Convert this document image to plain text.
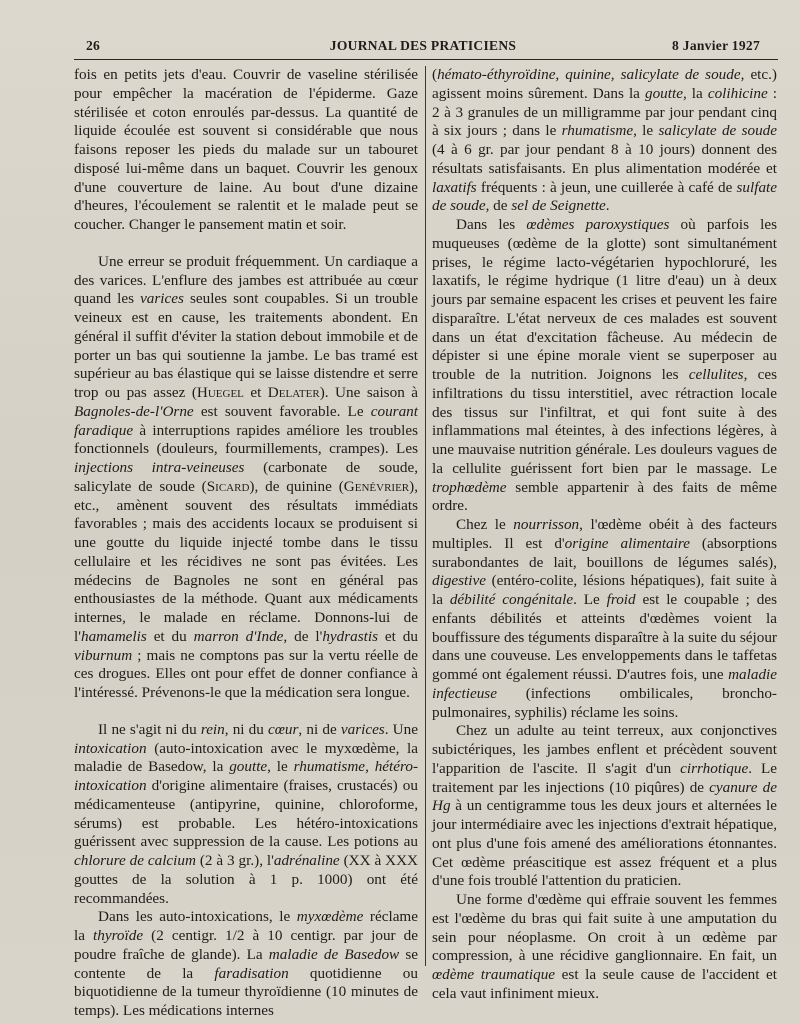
26	JOURNAL DES PRATICIENS	8 Janvier 1927

fois en petits jets d'eau. Couvrir de vaseline stérilisée pour empêcher la macération de l'épiderme. Gaze stérilisée et coton enroulés par-dessus. La quantité de liquide écoulée est souvent si considérable que nous faisons reposer les pieds du malade sur un tabouret disposé lui-même dans un baquet. Couvrir les genoux d'une couverture de laine. Au bout d'une dizaine d'heures, l'écoulement se ralentit et le malade peut se coucher. Changer le pansement matin et soir.

Une erreur se produit fréquemment. Un cardiaque a des varices. L'enflure des jambes est attribuée au cœur quand les varices seules sont coupables. Si un trouble veineux est en cause, les traitements abondent. En général il suffit d'éviter la station debout immobile et de porter un bas qui soutienne la jambe. Le bas tramé est supérieur au bas élastique qui se laisse distendre et serre trop ou pas assez (Huegel et Delater). Une saison à Bagnoles-de-l'Orne est souvent favorable. Le courant faradique à interruptions rapides améliore les troubles fonctionnels (douleurs, fourmillements, crampes). Les injections intra-veineuses (carbonate de soude, salicylate de soude (Sicard), de quinine (Genévrier), etc., amènent souvent des résultats immédiats favorables ; mais des accidents locaux se produisent si une goutte du liquide injecté tombe dans le tissu cellulaire et les récidives ne sont pas évitées. Les médecins de Bagnoles ne sont en général pas enthousiastes de la méthode. Quant aux médicaments internes, le malade en réclame. Donnons-lui de l'hamamelis et du marron d'Inde, de l'hydrastis et du viburnum ; mais ne comptons pas sur la vertu réelle de ces drogues. Elles ont pour effet de donner confiance à l'intéressé. Prévenons-le que la médication sera longue.

Il ne s'agit ni du rein, ni du cœur, ni de varices. Une intoxication (auto-intoxication avec le myxœdème, la maladie de Basedow, la goutte, le rhumatisme, hétéro-intoxication d'origine alimentaire (fraises, crustacés) ou médicamenteuse (antipyrine, quinine, chloroforme, sérums) est probable. Les hétéro-intoxications guérissent avec suppression de la cause. Les potions au chlorure de calcium (2 à 3 gr.), l'adrénaline (XX à XXX gouttes de la solution à 1 p. 1000) ont été recommandées.

Dans les auto-intoxications, le myxœdème réclame la thyroïde (2 centigr. 1/2 à 10 centigr. par jour de poudre fraîche de glande). La maladie de Basedow se contente de la faradisation quotidienne ou biquotidienne de la tumeur thyroïdienne (10 minutes de temps). Les médications internes

(hémato-éthyroïdine, quinine, salicylate de soude, etc.) agissent moins sûrement. Dans la goutte, la colihicine : 2 à 3 granules de un milligramme par jour pendant cinq à six jours ; dans le rhumatisme, le salicylate de soude (4 à 6 gr. par jour pendant 8 à 10 jours) donnent des résultats satisfaisants. En plus alimentation modérée et laxatifs fréquents : à jeun, une cuillerée à café de sulfate de soude, de sel de Seignette.

Dans les œdèmes paroxystiques où parfois les muqueuses (œdème de la glotte) sont simultanément prises, le régime lacto-végétarien hypochloruré, les laxatifs, le régime hydrique (1 litre d'eau) un à deux jours par semaine espacent les crises et peuvent les faire disparaître. L'état nerveux de ces malades est souvent dans un état d'excitation fâcheuse. Au médecin de dépister si une épine morale vient se superposer au trouble de la nutrition. Joignons les cellulites, ces infiltrations du tissu interstitiel, avec rétraction locale des tissus sur l'infiltrat, et qui font suite à des inflammations mal éteintes, à des infections légères, à une mauvaise nutrition générale. Les douleurs vagues de la cellulite guérissent fort bien par le massage. Le trophœdème semble appartenir à des faits de même ordre.

Chez le nourrisson, l'œdème obéit à des facteurs multiples. Il est d'origine alimentaire (absorptions surabondantes de lait, bouillons de légumes salés), digestive (entéro-colite, lésions hépatiques), fait suite à la débilité congénitale. Le froid est le coupable ; des enfants débilités et atteints d'œdèmes voient la bouffissure des téguments disparaître à la suite du séjour dans une couveuse. Les enveloppements dans le taffetas gommé ont également réussi. D'autres fois, une maladie infectieuse (infections ombilicales, broncho-pulmonaires, syphilis) réclame les soins.

Chez un adulte au teint terreux, aux conjonctives subictériques, les jambes enflent et précèdent souvent l'apparition de l'ascite. Il s'agit d'un cirrhotique. Le traitement par les injections (10 piqûres) de cyanure de Hg à un centigramme tous les deux jours et alternées le jour intermédiaire avec les injections d'extrait hépatique, ont plus d'une fois amené des améliorations étonnantes. Cet œdème préascitique est assez fréquent et a plus d'une fois troublé l'attention du praticien.

Une forme d'œdème qui effraie souvent les femmes est l'œdème du bras qui fait suite à une amputation du sein pour néoplasme. On croit à un œdème par compression, à une récidive ganglionnaire. En fait, un œdème traumatique est la seule cause de l'accident et cela vaut infiniment mieux.
